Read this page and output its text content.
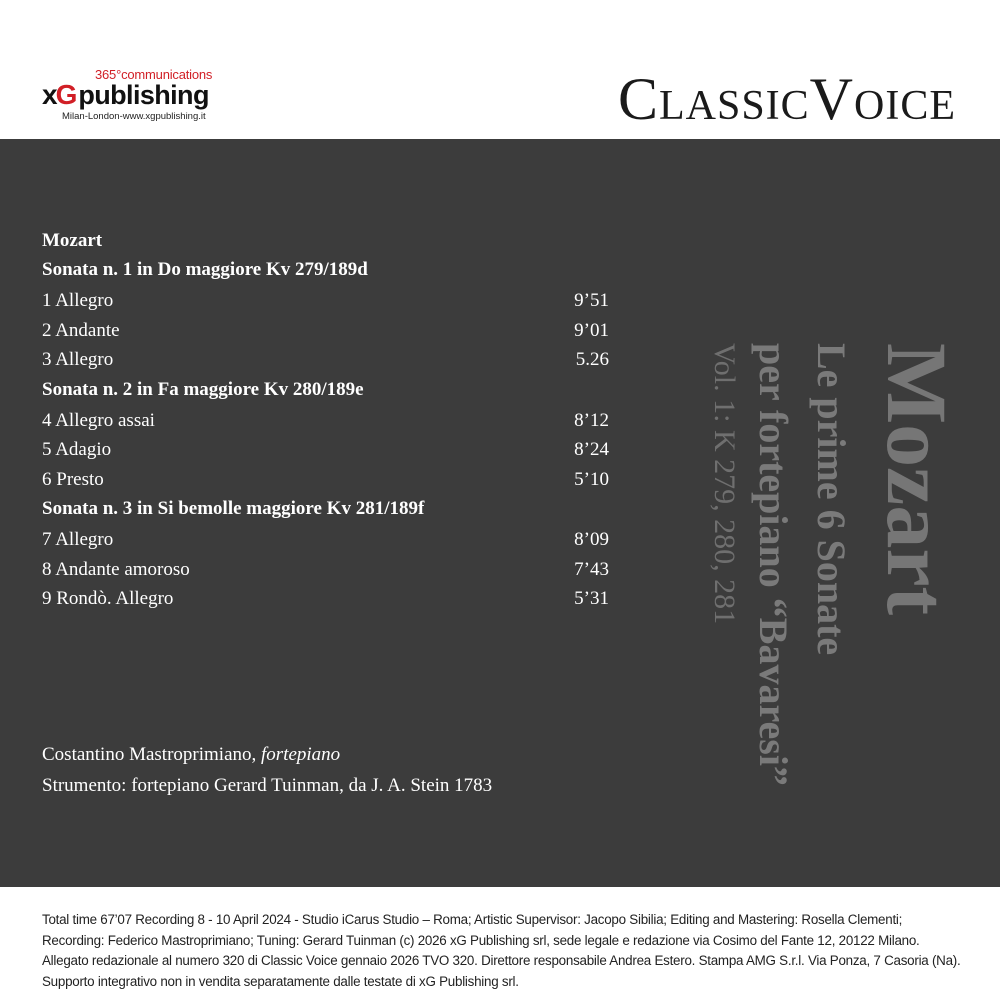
365°communications
xGpublishing
Milan-London-www.xgpublishing.it	ClassicVoice
Mozart
Sonata n. 1 in Do maggiore Kv 279/189d
1 Allegro	9’51
2 Andante	9’01
3 Allegro	5.26
Sonata n. 2 in Fa maggiore Kv 280/189e
4 Allegro assai	8’12
5 Adagio	8’24
6 Presto	5’10
Sonata n. 3 in Si bemolle maggiore Kv 281/189f
7 Allegro	8’09
8 Andante amoroso	7’43
9 Rondò. Allegro	5’31
Costantino Mastroprimiano, fortepiano
Strumento: fortepiano Gerard Tuinman, da J. A. Stein 1783
Mozart
Le prime 6 Sonate
per fortepiano “Bavaresi”
Vol. 1: K 279, 280, 281
Total time 67’07 Recording 8 - 10 April 2024 - Studio iCarus Studio – Roma; Artistic Supervisor: Jacopo Sibilia; Editing and Mastering: Rosella Clementi; Recording: Federico Mastroprimiano; Tuning: Gerard Tuinman (c) 2026 xG Publishing srl, sede legale e redazione via Cosimo del Fante 12, 20122 Milano. Allegato redazionale al numero 320 di Classic Voice gennaio 2026 TVO 320. Direttore responsabile Andrea Estero. Stampa AMG S.r.l. Via Ponza, 7 Casoria (Na). Supporto integrativo non in vendita separatamente dalle testate di xG Publishing srl.
